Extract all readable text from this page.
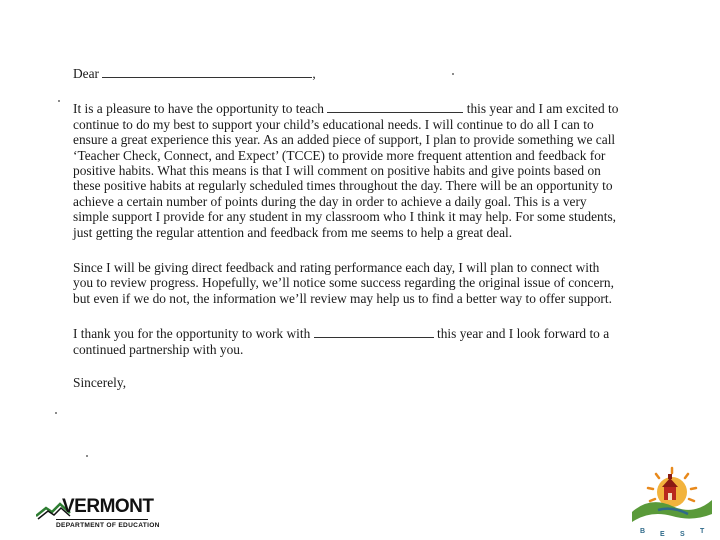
Dear	,

It is a pleasure to have the opportunity to teach	this year and I am excited to continue to do my best to support your child’s educational needs. I will continue to do all I can to ensure a great experience this year. As an added piece of support, I plan to provide something we call ‘Teacher Check, Connect, and Expect’ (TCCE) to provide more frequent attention and feedback for positive habits. What this means is that I will comment on positive habits and give points based on these positive habits at regularly scheduled times throughout the day. There will be an opportunity to achieve a certain number of points during the day in order to achieve a daily goal. This is a very simple support I provide for any student in my classroom who I think it may help. For some students, just getting the regular attention and feedback from me seems to help a great deal.

Since I will be giving direct feedback and rating performance each day, I will plan to connect with you to review progress. Hopefully, we’ll notice some success regarding the original issue of concern, but even if we do not, the information we’ll review may help us to find a better way to offer support.

I thank you for the opportunity to work with	this year and I look forward to a continued partnership with you.

Sincerely,

VERMONT
DEPARTMENT OF EDUCATION
B E S T
